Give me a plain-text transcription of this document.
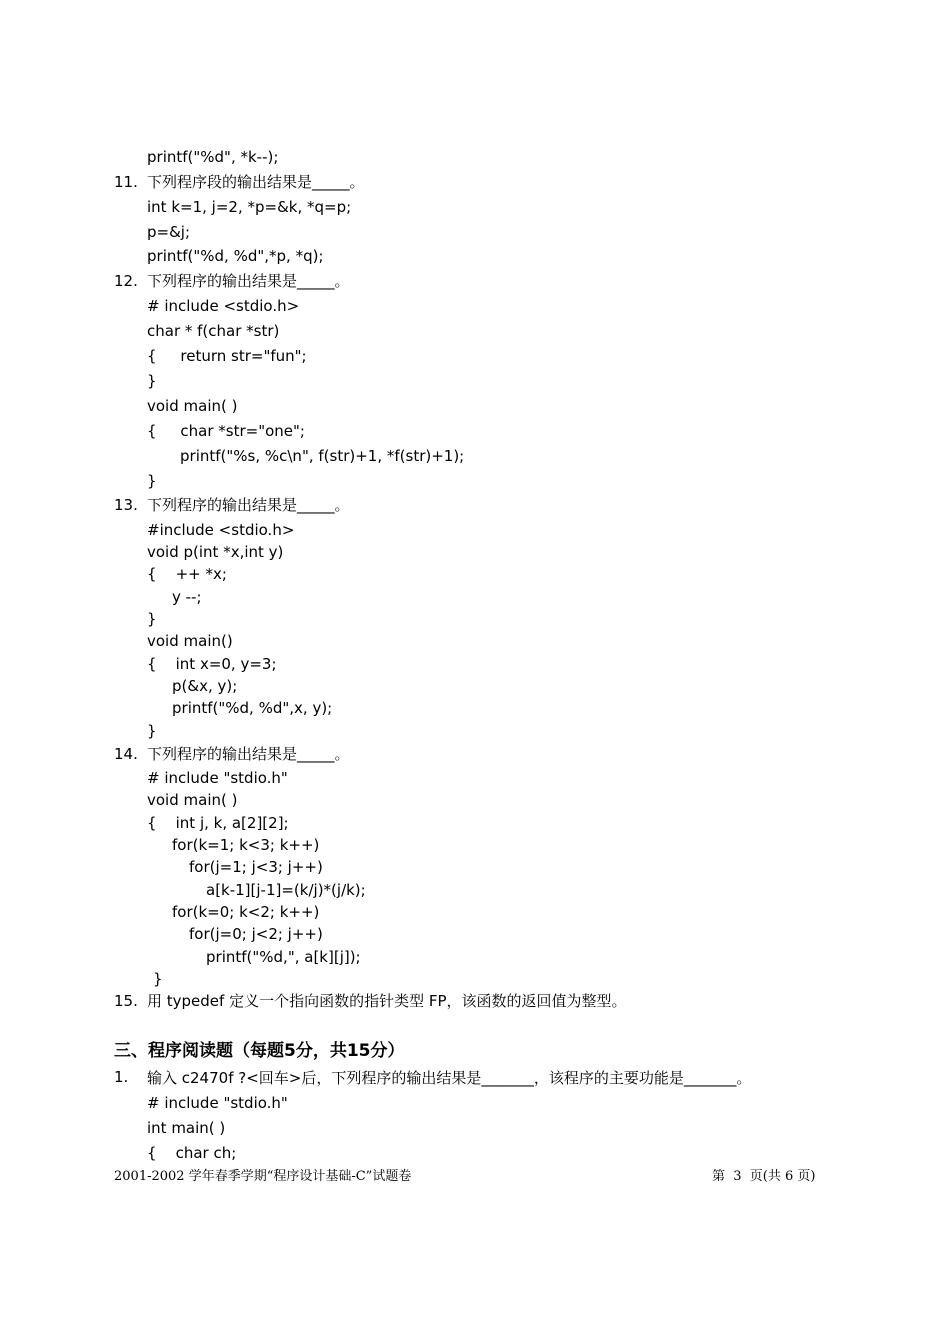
printf("%d", *k--);
11. 下列程序段的输出结果是_____。
int k=1, j=2, *p=&k, *q=p;
p=&j;
printf("%d, %d",*p, *q);
12. 下列程序的输出结果是_____。
# include <stdio.h>
char * f(char *str)
{     return str="fun";
}
void main( )
{     char *str="one";
printf("%s, %c\n", f(str)+1, *f(str)+1);
}
13. 下列程序的输出结果是_____。
#include <stdio.h>
void p(int *x,int y)
{    ++ *x;
y --;
}
void main()
{    int x=0, y=3;
p(&x, y);
printf("%d, %d",x, y);
}
14. 下列程序的输出结果是_____。
# include "stdio.h"
void main( )
{    int j, k, a[2][2];
for(k=1; k<3; k++)
for(j=1; j<3; j++)
a[k-1][j-1]=(k/j)*(j/k);
for(k=0; k<2; k++)
for(j=0; j<2; j++)
printf("%d,", a[k][j]);
}
15. 用 typedef 定义一个指向函数的指针类型 FP，该函数的返回值为整型。
三、程序阅读题（每题5分，共15分）
1. 输入 c2470f ?<回车>后，下列程序的输出结果是_______，该程序的主要功能是_______。
# include "stdio.h"
int main( )
{    char ch;
2001-2002 学年春季学期“程序设计基础-C”试题卷	第  3  页(共 6 页)
